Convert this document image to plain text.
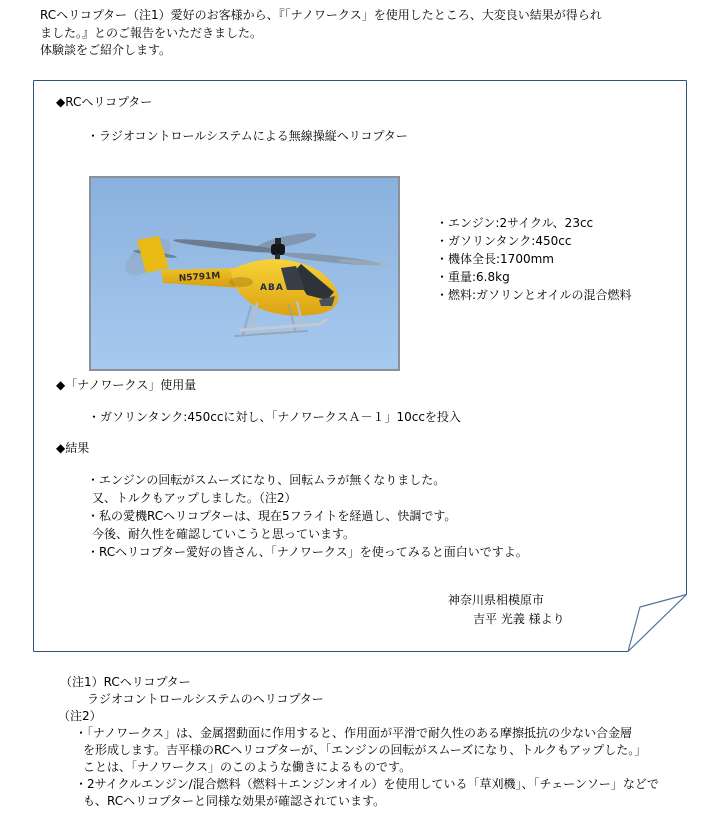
RCヘリコプター（注1）愛好のお客様から、『「ナノワークス」を使用したところ、大変良い結果が得られ
ました。』とのご報告をいただきました。
体験談をご紹介します。
◆RCヘリコプター
・ラジオコントロールシステムによる無線操縦ヘリコプター
N5791M
ABA
・エンジン:2サイクル、23cc
・ガソリンタンク:450cc
・機体全長:1700mm
・重量:6.8kg
・燃料:ガソリンとオイルの混合燃料
◆「ナノワークス」使用量
・ガソリンタンク:450ccに対し、「ナノワークスＡ－１」10ccを投入
◆結果
・エンジンの回転がスムーズになり、回転ムラが無くなりました。
又、トルクもアップしました。（注2）
・私の愛機RCヘリコプターは、現在5フライトを経過し、快調です。
今後、耐久性を確認していこうと思っています。
・RCヘリコプター愛好の皆さん、「ナノワークス」を使ってみると面白いですよ。
神奈川県相模原市
吉平 光義 様より
（注1）RCヘリコプター
ラジオコントロールシステムのヘリコプター
（注2）
・「ナノワークス」は、金属摺動面に作用すると、作用面が平滑で耐久性のある摩擦抵抗の少ない合金層
を形成します。吉平様のRCヘリコプターが、「エンジンの回転がスムーズになり、トルクもアップした。」
ことは、「ナノワークス」のこのような働きによるものです。
・2サイクルエンジン/混合燃料（燃料＋エンジンオイル）を使用している「草刈機」、「チェーンソー」などで
も、RCヘリコプターと同様な効果が確認されています。
